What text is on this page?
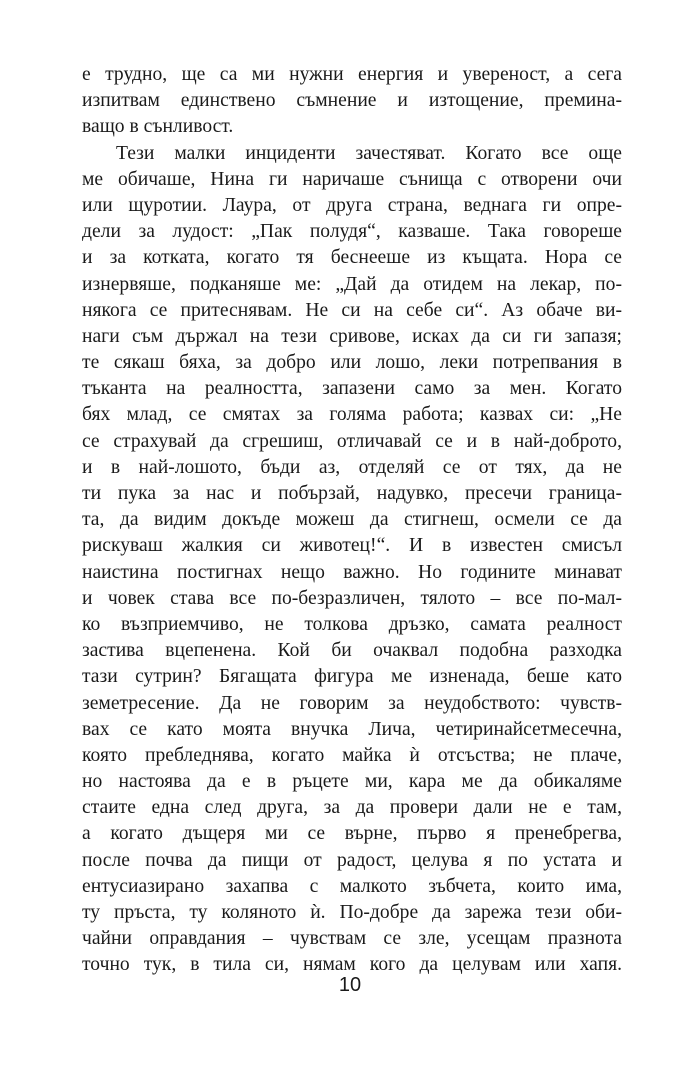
е трудно, ще са ми нужни енергия и увереност, а сега
изпитвам единствено съмнение и изтощение, премина-
ващо в сънливост.
Тези малки инциденти зачестяват. Когато все още
ме обичаше, Нина ги наричаше сънища с отворени очи
или щуротии. Лаура, от друга страна, веднага ги опре-
дели за лудост: „Пак полудя“, казваше. Така говореше
и за котката, когато тя беснееше из къщата. Нора се
изнервяше, подканяше ме: „Дай да отидем на лекар, по-
някога се притеснявам. Не си на себе си“. Аз обаче ви-
наги съм държал на тези сривове, исках да си ги запазя;
те сякаш бяха, за добро или лошо, леки потрепвания в
тъканта на реалността, запазени само за мен. Когато
бях млад, се смятах за голяма работа; казвах си: „Не
се страхувай да сгрешиш, отличавай се и в най-доброто,
и в най-лошото, бъди аз, отделяй се от тях, да не
ти пука за нас и побързай, надувко, пресечи граница-
та, да видим докъде можеш да стигнеш, осмели се да
рискуваш жалкия си животец!“. И в известен смисъл
наистина постигнах нещо важно. Но годините минават
и човек става все по-безразличен, тялото – все по-мал-
ко възприемчиво, не толкова дръзко, самата реалност
застива вцепенена. Кой би очаквал подобна разходка
тази сутрин? Бягащата фигура ме изненада, беше като
земетресение. Да не говорим за неудобството: чувств-
вах се като моята внучка Лича, четиринайсетмесечна,
която пребледнява, когато майка ѝ отсъства; не плаче,
но настоява да е в ръцете ми, кара ме да обикаляме
стаите една след друга, за да провери дали не е там,
а когато дъщеря ми се върне, първо я пренебрегва,
после почва да пищи от радост, целува я по устата и
ентусиазирано захапва с малкото зъбчета, които има,
ту пръста, ту коляното ѝ. По-добре да зарежа тези оби-
чайни оправдания – чувствам се зле, усещам празнота
точно тук, в тила си, нямам кого да целувам или хапя.
10
